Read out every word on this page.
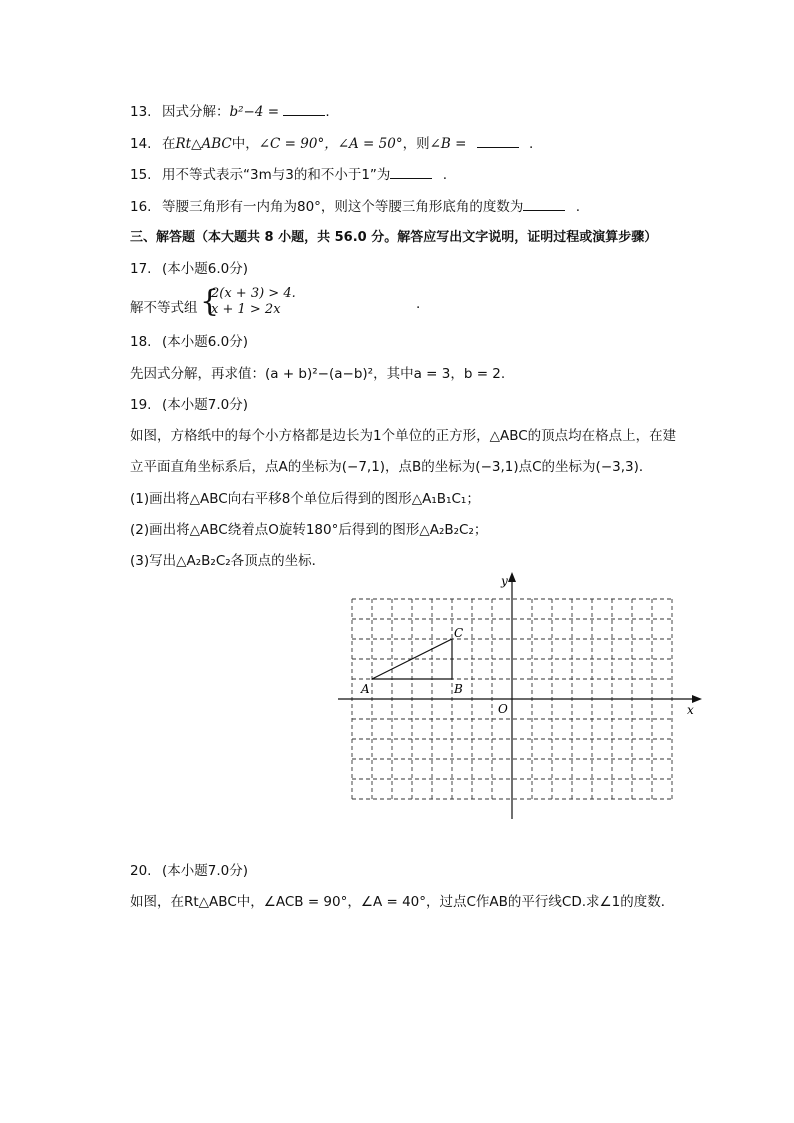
13. 因式分解：b²−4 =	.
14. 在Rt△ABC中，∠C = 90°，∠A = 50°，则∠B =	.
15. 用不等式表示“3m与3的和不小于1”为	.
16. 等腰三角形有一内角为80°，则这个等腰三角形底角的度数为	.
三、解答题（本大题共 8 小题，共 56.0 分。解答应写出文字说明，证明过程或演算步骤）
17. (本小题6.0分)
解不等式组 {
2(x + 3) > 4.
x + 1 > 2x	.
18. (本小题6.0分)
先因式分解，再求值：(a + b)²−(a−b)²，其中a = 3，b = 2.
19. (本小题7.0分)
如图，方格纸中的每个小方格都是边长为1个单位的正方形，△ABC的顶点均在格点上，在建
立平面直角坐标系后，点A的坐标为(−7,1)，点B的坐标为(−3,1)点C的坐标为(−3,3)．
(1)画出将△ABC向右平移8个单位后得到的图形△A₁B₁C₁；
(2)画出将△ABC绕着点O旋转180°后得到的图形△A₂B₂C₂；
(3)写出△A₂B₂C₂各顶点的坐标．
x
y
O
A	B
C
20. (本小题7.0分)
如图，在Rt△ABC中，∠ACB = 90°，∠A = 40°，过点C作AB的平行线CD.求∠1的度数．
